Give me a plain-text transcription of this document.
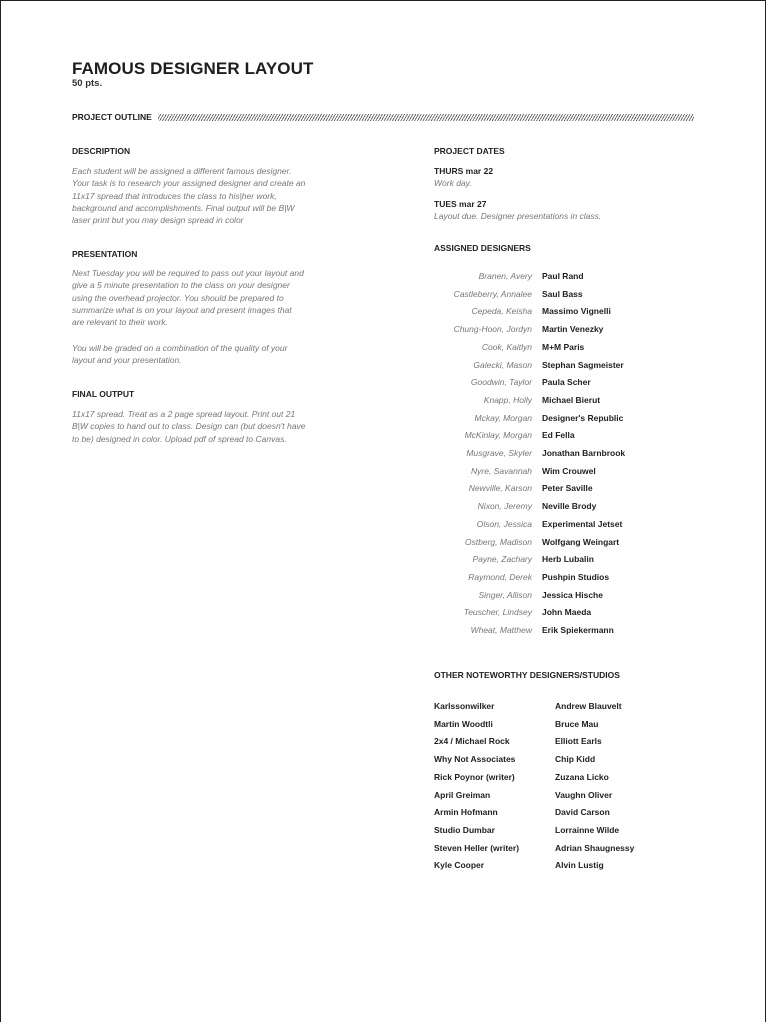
FAMOUS DESIGNER LAYOUT
50 pts.
PROJECT OUTLINE
DESCRIPTION

Each student will be assigned a different famous designer.

Your task is to research your assigned designer and create an

11x17 spread that introduces the class to his|her work,

background and accomplishments. Final output will be B|W

laser print but you may design spread in color

PRESENTATION

Next Tuesday you will be required to pass out your layout and

give a 5 minute presentation to the class on your designer

using the overhead projector. You should be prepared to

summarize what is on your layout and present images that

are relevant to their work.

You will be graded on a combination of the quality of your

layout and your presentation.

FINAL OUTPUT

11x17 spread. Treat as a 2 page spread layout. Print out 21

B|W copies to hand out to class. Design can (but doesn't have

to be) designed in color. Upload pdf of spread to Canvas.

PROJECT DATES
THURS mar 22
Work day.
TUES mar 27
Layout due. Designer presentations in class.
ASSIGNED DESIGNERS
Branen, Avery Paul Rand
Castleberry, Annalee Saul Bass
Cepeda, Keisha Massimo Vignelli
Chung-Hoon, Jordyn Martin Venezky
Cook, Kaitlyn M+M Paris
Galecki, Mason Stephan Sagmeister
Goodwin, Taylor Paula Scher
Knapp, Holly Michael Bierut
Mckay, Morgan Designer's Republic
McKinlay, Morgan Ed Fella
Musgrave, Skyler Jonathan Barnbrook
Nyre, Savannah Wim Crouwel
Newville, Karson Peter Saville
Nixon, Jeremy Neville Brody
Olson, Jessica Experimental Jetset
Ostberg, Madison Wolfgang Weingart
Payne, Zachary Herb Lubalin
Raymond, Derek Pushpin Studios
Singer, Allison Jessica Hische
Teuscher, Lindsey John Maeda
Wheat, Matthew Erik Spiekermann
OTHER NOTEWORTHY DESIGNERS/STUDIOS
Karlssonwilker
Martin Woodtli
2x4 / Michael Rock
Why Not Associates
Rick Poynor (writer)
April Greiman
Armin Hofmann
Studio Dumbar
Steven Heller (writer)
Kyle Cooper
Andrew Blauvelt
Bruce Mau
Elliott Earls
Chip Kidd
Zuzana Licko
Vaughn Oliver
David Carson
Lorrainne Wilde
Adrian Shaugnessy
Alvin Lustig
